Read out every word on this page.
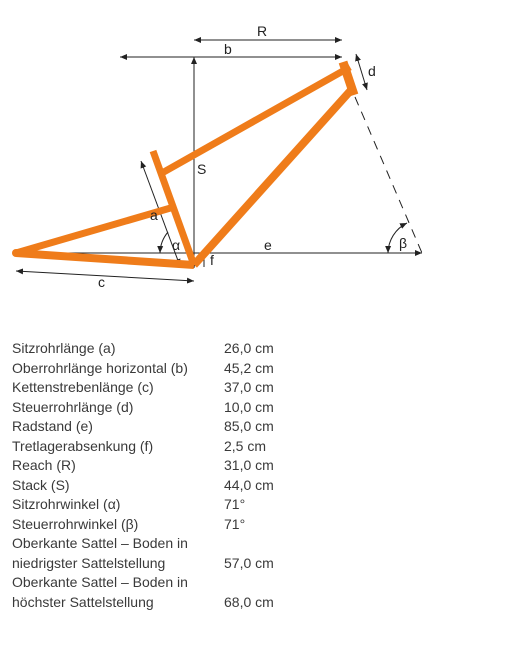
R
b
d
S
a
α	β
e
f
c
Sitzrohrlänge (a)	26,0 cm
Oberrohrlänge horizontal (b)	45,2 cm
Kettenstrebenlänge (c)	37,0 cm
Steuerrohrlänge (d)	10,0 cm
Radstand (e)	85,0 cm
Tretlagerabsenkung (f)	2,5 cm
Reach (R)	31,0 cm
Stack (S)	44,0 cm
Sitzrohrwinkel (α)	71°
Steuerrohrwinkel (β)	71°
Oberkante Sattel – Boden in
niedrigster Sattelstellung	57,0 cm
Oberkante Sattel – Boden in
höchster Sattelstellung	68,0 cm
